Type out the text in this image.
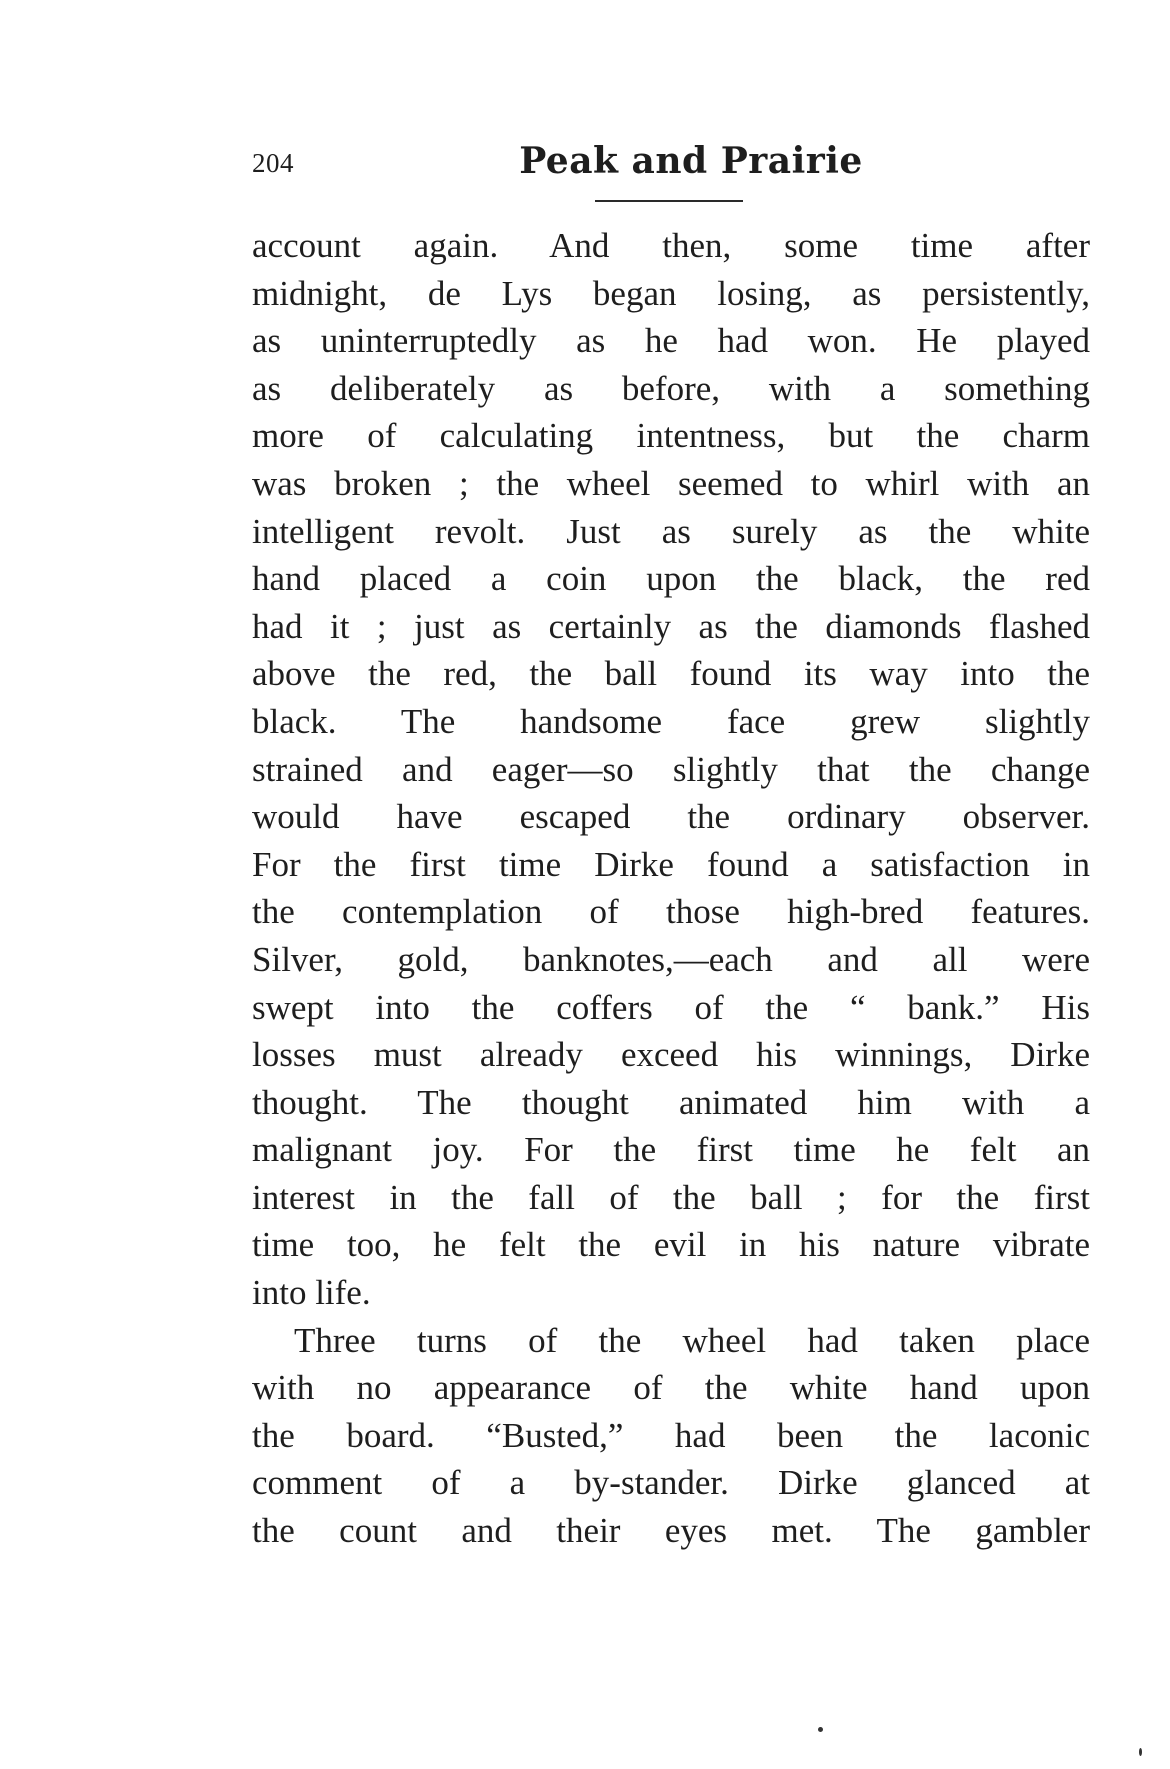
204	Peak and Prairie
account again. And then, some time after
midnight, de Lys began losing, as persistently,
as uninterruptedly as he had won. He played
as deliberately as before, with a something
more of calculating intentness, but the charm
was broken ; the wheel seemed to whirl with an
intelligent revolt. Just as surely as the white
hand placed a coin upon the black, the red
had it ; just as certainly as the diamonds flashed
above the red, the ball found its way into the
black. The handsome face grew slightly
strained and eager—so slightly that the change
would have escaped the ordinary observer.
For the first time Dirke found a satisfaction in
the contemplation of those high-bred features.
Silver, gold, banknotes,—each and all were
swept into the coffers of the “ bank.” His
losses must already exceed his winnings, Dirke
thought. The thought animated him with a
malignant joy. For the first time he felt an
interest in the fall of the ball ; for the first
time too, he felt the evil in his nature vibrate
into life.
Three turns of the wheel had taken place
with no appearance of the white hand upon
the board. “Busted,” had been the laconic
comment of a by-stander. Dirke glanced at
the count and their eyes met. The gambler
